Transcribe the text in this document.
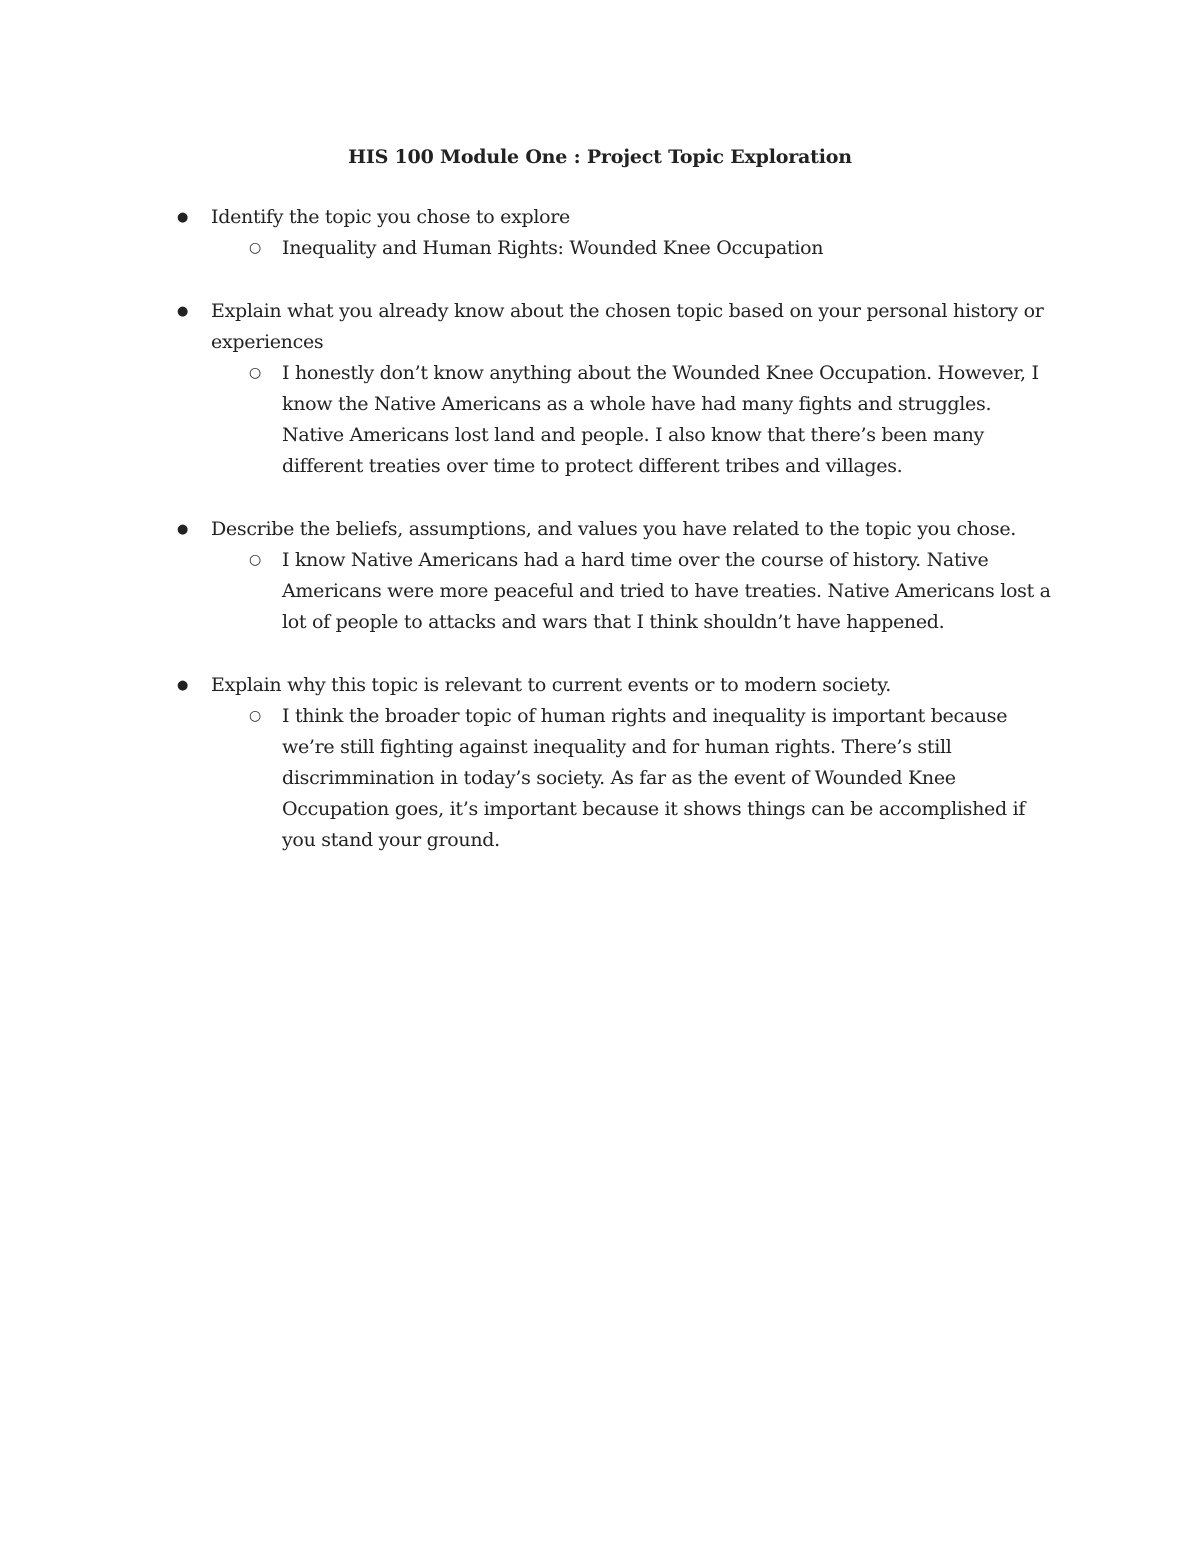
HIS 100 Module One : Project Topic Exploration
● Identify the topic you chose to explore
○ Inequality and Human Rights: Wounded Knee Occupation
● Explain what you already know about the chosen topic based on your personal history or experiences
○ I honestly don’t know anything about the Wounded Knee Occupation. However, I know the Native Americans as a whole have had many fights and struggles. Native Americans lost land and people. I also know that there’s been many different treaties over time to protect different tribes and villages.
● Describe the beliefs, assumptions, and values you have related to the topic you chose.
○ I know Native Americans had a hard time over the course of history. Native Americans were more peaceful and tried to have treaties. Native Americans lost a lot of people to attacks and wars that I think shouldn’t have happened.
● Explain why this topic is relevant to current events or to modern society.
○ I think the broader topic of human rights and inequality is important because we’re still fighting against inequality and for human rights. There’s still discrimmination in today’s society. As far as the event of Wounded Knee Occupation goes, it’s important because it shows things can be accomplished if you stand your ground.
